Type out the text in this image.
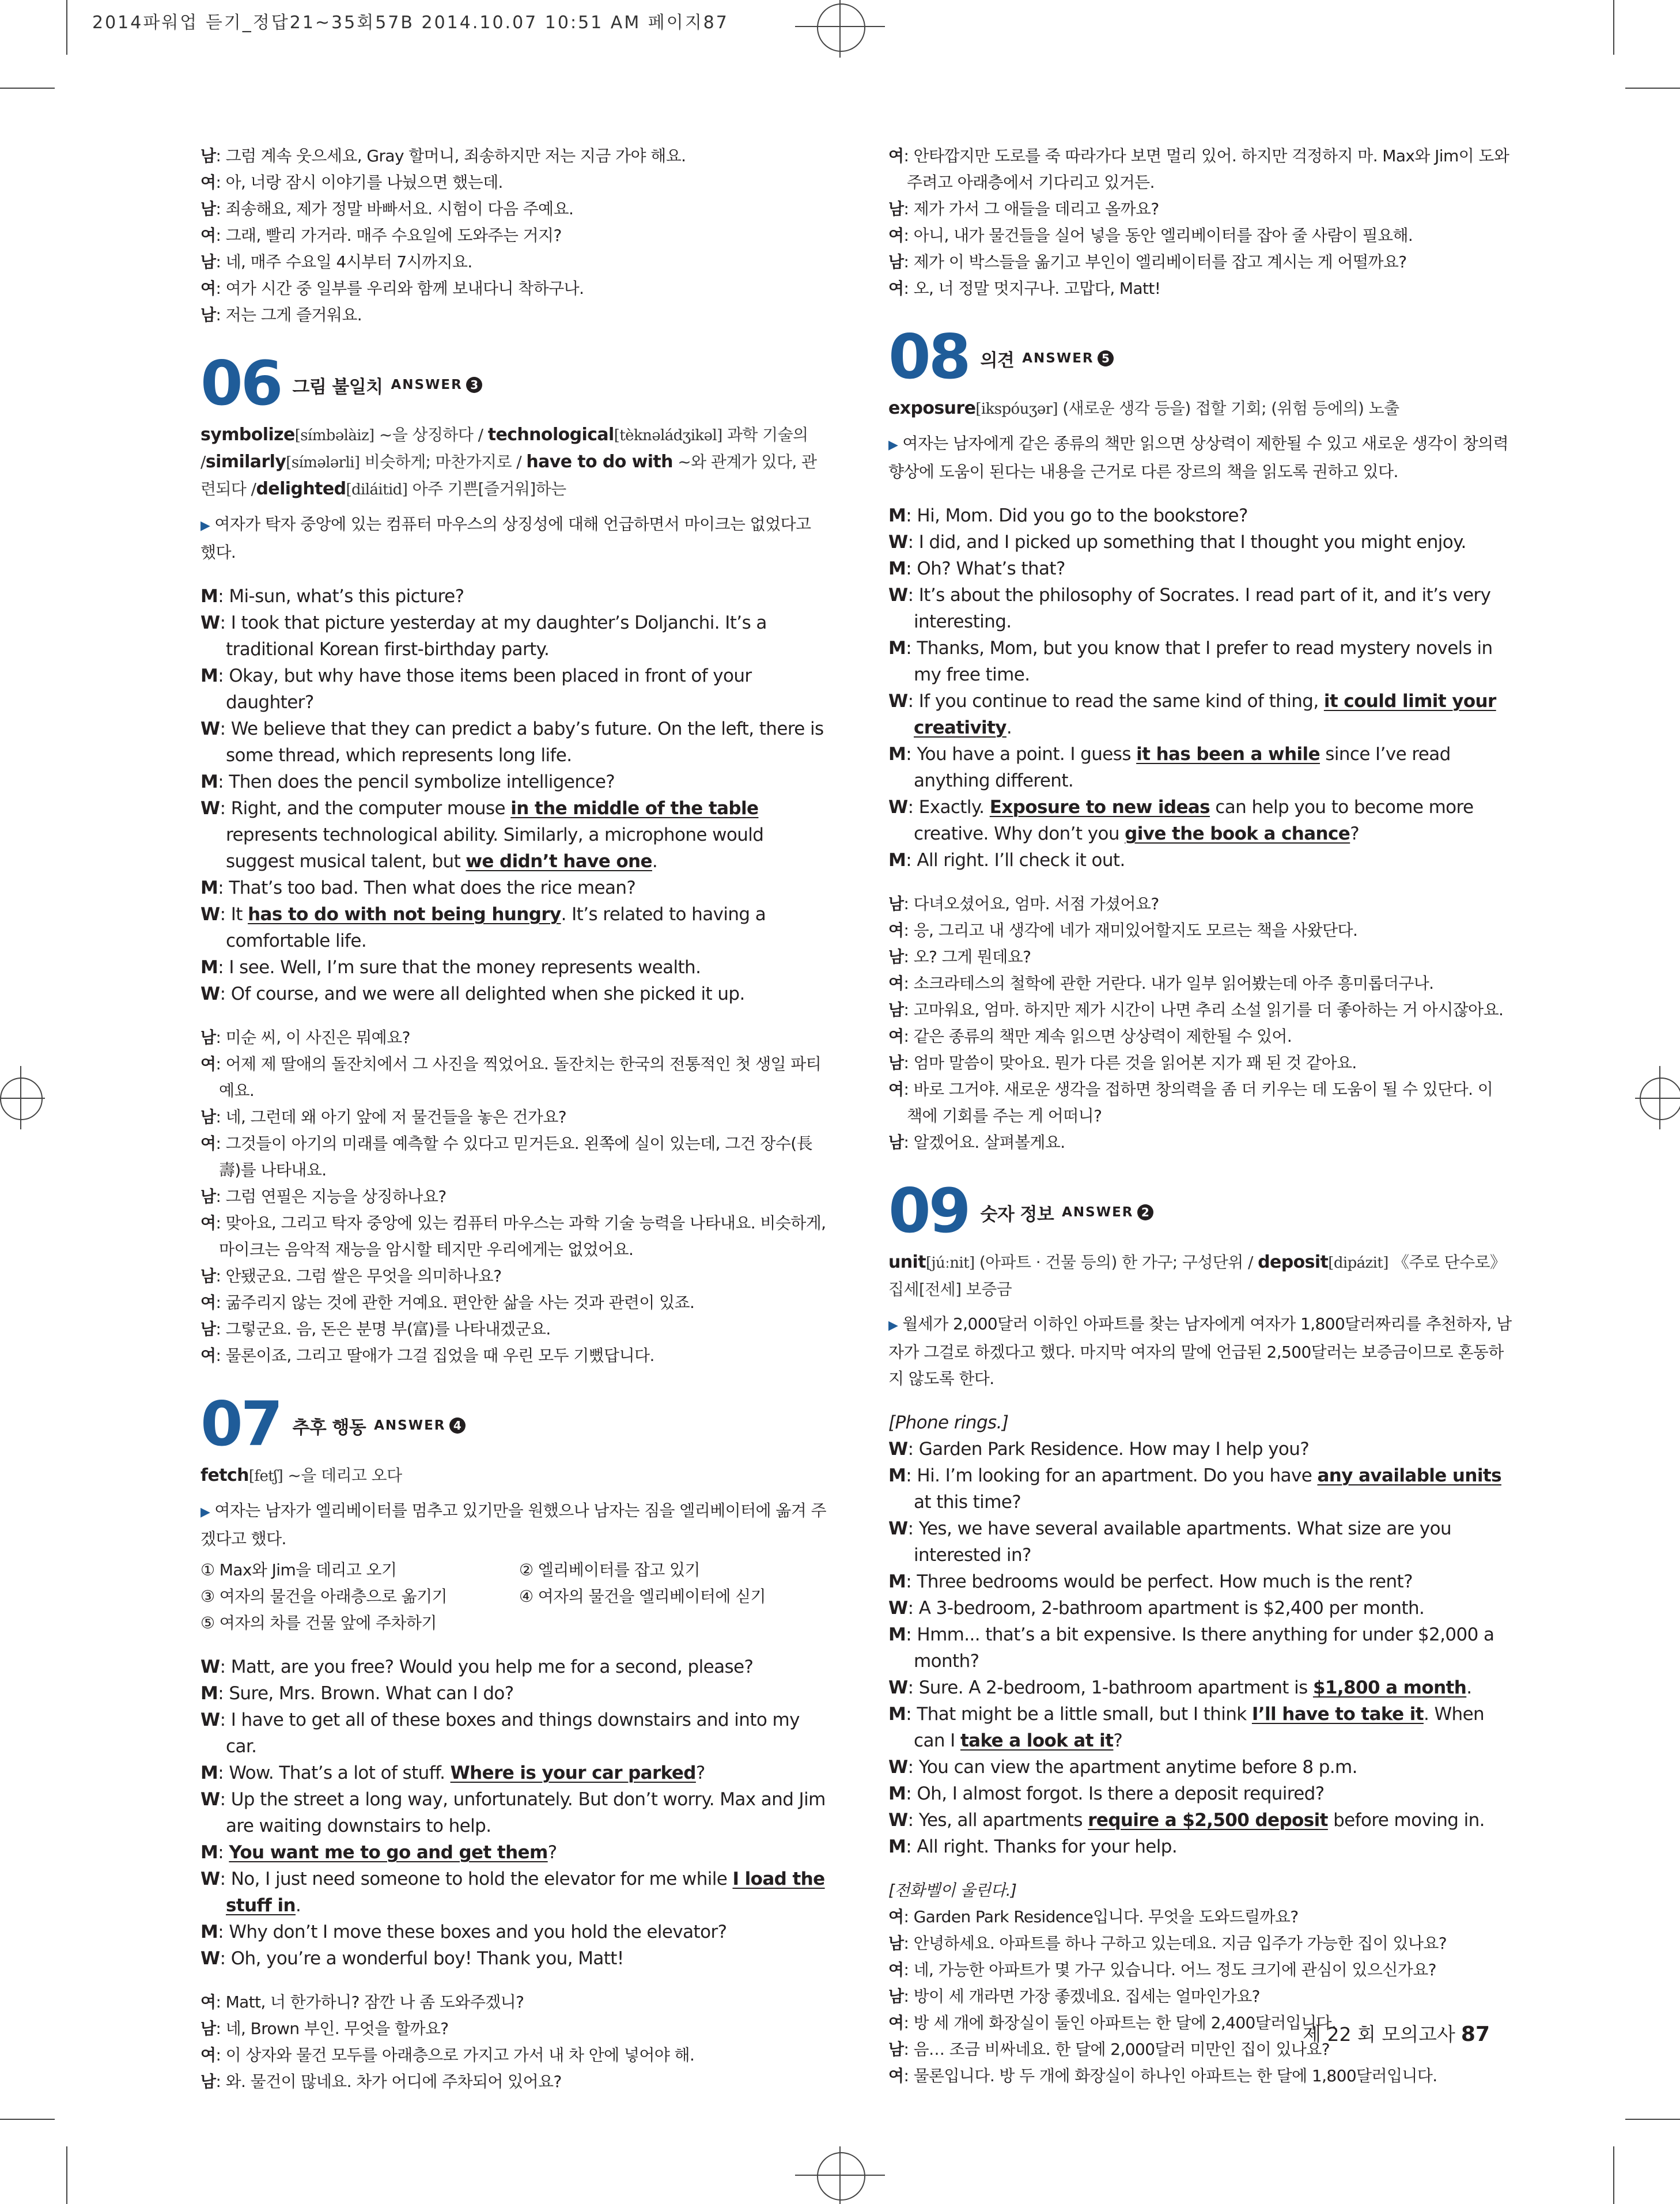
2014파워업 듣기_정답21~35회57B 2014.10.07 10:51 AM 페이지87
남: 그럼 계속 웃으세요, Gray 할머니, 죄송하지만 저는 지금 가야 해요.
여: 아, 너랑 잠시 이야기를 나눴으면 했는데.
남: 죄송해요, 제가 정말 바빠서요. 시험이 다음 주예요.
여: 그래, 빨리 가거라. 매주 수요일에 도와주는 거지?
남: 네, 매주 수요일 4시부터 7시까지요.
여: 여가 시간 중 일부를 우리와 함께 보내다니 착하구나.
남: 저는 그게 즐거워요.
06 그림 불일치 ANSWER 3
symbolize[símbəlàiz] ~을 상징하다 / technological[tèknəládʒikəl] 과학 기술의 /similarly[símələrli] 비슷하게; 마찬가지로 / have to do with ~와 관계가 있다, 관련되다 /delighted[diláitid] 아주 기쁜[즐거워]하는
▶ 여자가 탁자 중앙에 있는 컴퓨터 마우스의 상징성에 대해 언급하면서 마이크는 없었다고 했다.
M: Mi-sun, what’s this picture?
W: I took that picture yesterday at my daughter’s Doljanchi. It’s a traditional Korean first-birthday party.
M: Okay, but why have those items been placed in front of your daughter?
W: We believe that they can predict a baby’s future. On the left, there is some thread, which represents long life.
M: Then does the pencil symbolize intelligence?
W: Right, and the computer mouse in the middle of the table represents technological ability. Similarly, a microphone would suggest musical talent, but we didn’t have one.
M: That’s too bad. Then what does the rice mean?
W: It has to do with not being hungry. It’s related to having a comfortable life.
M: I see. Well, I’m sure that the money represents wealth.
W: Of course, and we were all delighted when she picked it up.
남: 미순 씨, 이 사진은 뭐예요?
여: 어제 제 딸애의 돌잔치에서 그 사진을 찍었어요. 돌잔치는 한국의 전통적인 첫 생일 파티예요.
남: 네, 그런데 왜 아기 앞에 저 물건들을 놓은 건가요?
여: 그것들이 아기의 미래를 예측할 수 있다고 믿거든요. 왼쪽에 실이 있는데, 그건 장수(長壽)를 나타내요.
남: 그럼 연필은 지능을 상징하나요?
여: 맞아요, 그리고 탁자 중앙에 있는 컴퓨터 마우스는 과학 기술 능력을 나타내요. 비슷하게, 마이크는 음악적 재능을 암시할 테지만 우리에게는 없었어요.
남: 안됐군요. 그럼 쌀은 무엇을 의미하나요?
여: 굶주리지 않는 것에 관한 거예요. 편안한 삶을 사는 것과 관련이 있죠.
남: 그렇군요. 음, 돈은 분명 부(富)를 나타내겠군요.
여: 물론이죠, 그리고 딸애가 그걸 집었을 때 우린 모두 기뻤답니다.
07 추후 행동 ANSWER 4
fetch[fetʃ] ~을 데리고 오다
▶ 여자는 남자가 엘리베이터를 멈추고 있기만을 원했으나 남자는 짐을 엘리베이터에 옮겨 주겠다고 했다.
① Max와 Jim을 데리고 오기	② 엘리베이터를 잡고 있기
③ 여자의 물건을 아래층으로 옮기기	④ 여자의 물건을 엘리베이터에 싣기
⑤ 여자의 차를 건물 앞에 주차하기
W: Matt, are you free? Would you help me for a second, please?
M: Sure, Mrs. Brown. What can I do?
W: I have to get all of these boxes and things downstairs and into my car.
M: Wow. That’s a lot of stuff. Where is your car parked?
W: Up the street a long way, unfortunately. But don’t worry. Max and Jim are waiting downstairs to help.
M: You want me to go and get them?
W: No, I just need someone to hold the elevator for me while I load the stuff in.
M: Why don’t I move these boxes and you hold the elevator?
W: Oh, you’re a wonderful boy! Thank you, Matt!
여: Matt, 너 한가하니? 잠깐 나 좀 도와주겠니?
남: 네, Brown 부인. 무엇을 할까요?
여: 이 상자와 물건 모두를 아래층으로 가지고 가서 내 차 안에 넣어야 해.
남: 와. 물건이 많네요. 차가 어디에 주차되어 있어요?
여: 안타깝지만 도로를 죽 따라가다 보면 멀리 있어. 하지만 걱정하지 마. Max와 Jim이 도와주려고 아래층에서 기다리고 있거든.
남: 제가 가서 그 애들을 데리고 올까요?
여: 아니, 내가 물건들을 실어 넣을 동안 엘리베이터를 잡아 줄 사람이 필요해.
남: 제가 이 박스들을 옮기고 부인이 엘리베이터를 잡고 계시는 게 어떨까요?
여: 오, 너 정말 멋지구나. 고맙다, Matt!
08 의견 ANSWER 5
exposure[ikspóuʒər] (새로운 생각 등을) 접할 기회; (위험 등에의) 노출
▶ 여자는 남자에게 같은 종류의 책만 읽으면 상상력이 제한될 수 있고 새로운 생각이 창의력 향상에 도움이 된다는 내용을 근거로 다른 장르의 책을 읽도록 권하고 있다.
M: Hi, Mom. Did you go to the bookstore?
W: I did, and I picked up something that I thought you might enjoy.
M: Oh? What’s that?
W: It’s about the philosophy of Socrates. I read part of it, and it’s very interesting.
M: Thanks, Mom, but you know that I prefer to read mystery novels in my free time.
W: If you continue to read the same kind of thing, it could limit your creativity.
M: You have a point. I guess it has been a while since I’ve read anything different.
W: Exactly. Exposure to new ideas can help you to become more creative. Why don’t you give the book a chance?
M: All right. I’ll check it out.
남: 다녀오셨어요, 엄마. 서점 가셨어요?
여: 응, 그리고 내 생각에 네가 재미있어할지도 모르는 책을 사왔단다.
남: 오? 그게 뭔데요?
여: 소크라테스의 철학에 관한 거란다. 내가 일부 읽어봤는데 아주 흥미롭더구나.
남: 고마워요, 엄마. 하지만 제가 시간이 나면 추리 소설 읽기를 더 좋아하는 거 아시잖아요.
여: 같은 종류의 책만 계속 읽으면 상상력이 제한될 수 있어.
남: 엄마 말씀이 맞아요. 뭔가 다른 것을 읽어본 지가 꽤 된 것 같아요.
여: 바로 그거야. 새로운 생각을 접하면 창의력을 좀 더 키우는 데 도움이 될 수 있단다. 이 책에 기회를 주는 게 어떠니?
남: 알겠어요. 살펴볼게요.
09 숫자 정보 ANSWER 2
unit[júːnit] (아파트 · 건물 등의) 한 가구; 구성단위 / deposit[dipázit] 《주로 단수로》 집세[전세] 보증금
▶ 월세가 2,000달러 이하인 아파트를 찾는 남자에게 여자가 1,800달러짜리를 추천하자, 남자가 그걸로 하겠다고 했다. 마지막 여자의 말에 언급된 2,500달러는 보증금이므로 혼동하지 않도록 한다.
[Phone rings.]
W: Garden Park Residence. How may I help you?
M: Hi. I’m looking for an apartment. Do you have any available units at this time?
W: Yes, we have several available apartments. What size are you interested in?
M: Three bedrooms would be perfect. How much is the rent?
W: A 3-bedroom, 2-bathroom apartment is $2,400 per month.
M: Hmm... that’s a bit expensive. Is there anything for under $2,000 a month?
W: Sure. A 2-bedroom, 1-bathroom apartment is $1,800 a month.
M: That might be a little small, but I think I’ll have to take it. When can I take a look at it?
W: You can view the apartment anytime before 8 p.m.
M: Oh, I almost forgot. Is there a deposit required?
W: Yes, all apartments require a $2,500 deposit before moving in.
M: All right. Thanks for your help.
[전화벨이 울린다.]
여: Garden Park Residence입니다. 무엇을 도와드릴까요?
남: 안녕하세요. 아파트를 하나 구하고 있는데요. 지금 입주가 가능한 집이 있나요?
여: 네, 가능한 아파트가 몇 가구 있습니다. 어느 정도 크기에 관심이 있으신가요?
남: 방이 세 개라면 가장 좋겠네요. 집세는 얼마인가요?
여: 방 세 개에 화장실이 둘인 아파트는 한 달에 2,400달러입니다.
남: 음… 조금 비싸네요. 한 달에 2,000달러 미만인 집이 있나요?
여: 물론입니다. 방 두 개에 화장실이 하나인 아파트는 한 달에 1,800달러입니다.
제 22 회 모의고사 87
